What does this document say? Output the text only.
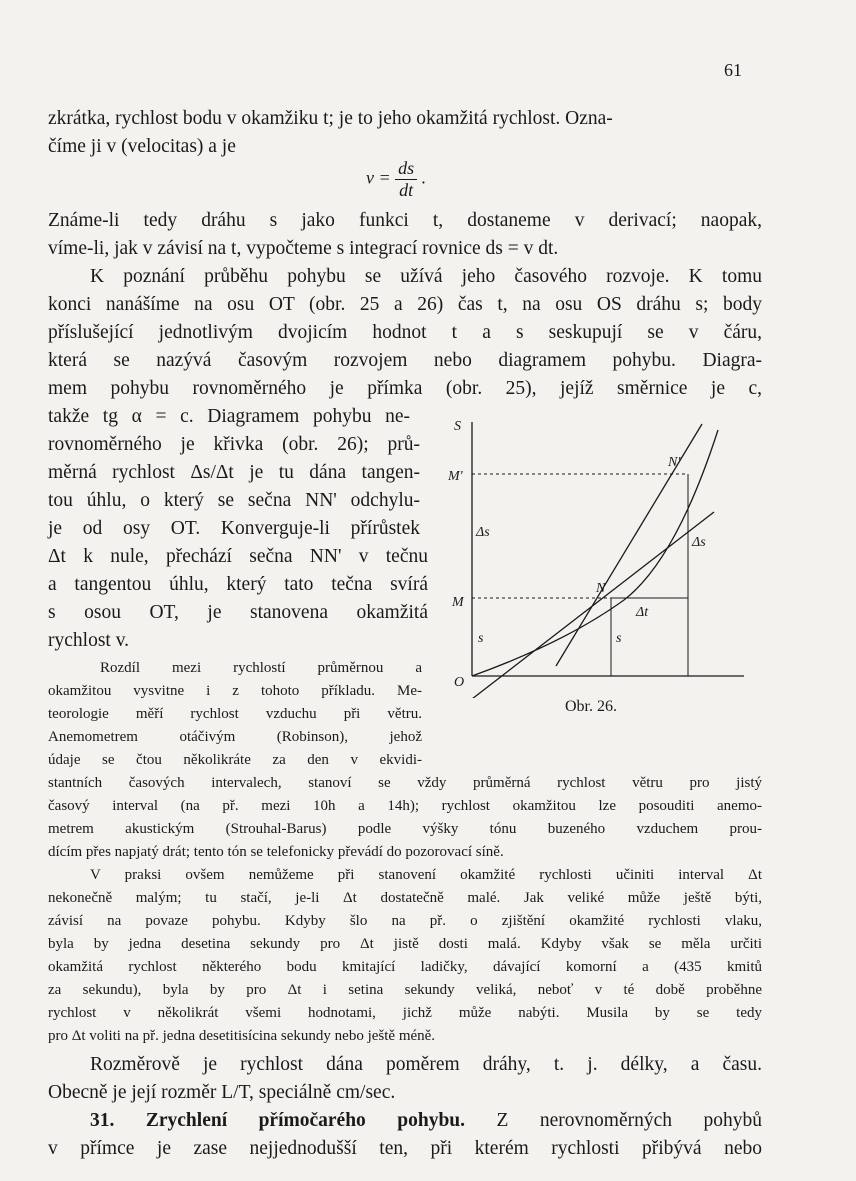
61
zkrátka, rychlost bodu v okamžiku t; je to jeho okamžitá rychlost. Ozna-
číme ji v (velocitas) a je
$v = \frac{ds}{dt}$ .
Známe-li tedy dráhu s jako funkci t, dostaneme v derivací; naopak,
víme-li, jak v závisí na t, vypočteme s integrací rovnice ds = v dt.
K poznání průběhu pohybu se užívá jeho časového rozvoje. K tomu
konci nanášíme na osu OT (obr. 25 a 26) čas t, na osu OS dráhu s; body
příslušející jednotlivým dvojicím hodnot t a s seskupují se v čáru,
která se nazývá časovým rozvojem nebo diagramem pohybu. Diagra-
mem pohybu rovnoměrného je přímka (obr. 25), jejíž směrnice je c,
takže tg α = c. Diagramem pohybu ne-
rovnoměrného je křivka (obr. 26); prů-
měrná rychlost Δs/Δt je tu dána tangen-
tou úhlu, o který se sečna NN' odchylu-
je od osy OT. Konverguje-li přírůstek
Δt k nule, přechází sečna NN' v tečnu
a tangentou úhlu, který tato tečna svírá
s osou OT, je stanovena okamžitá
rychlost v.
Rozdíl mezi rychlostí průměrnou a
okamžitou vysvitne i z tohoto příkladu. Me-
teorologie měří rychlost vzduchu při větru.
Anemometrem otáčivým (Robinson), jehož
údaje se čtou několikráte za den v ekvidi-
stantních časových intervalech, stanoví se vždy průměrná rychlost větru pro jistý
časový interval (na př. mezi 10h a 14h); rychlost okamžitou lze posouditi anemo-
metrem akustickým (Strouhal-Barus) podle výšky tónu buzeného vzduchem prou-
dícím přes napjatý drát; tento tón se telefonicky převádí do pozorovací síně.
V praksi ovšem nemůžeme při stanovení okamžité rychlosti učiniti interval Δt
nekonečně malým; tu stačí, je-li Δt dostatečně malé. Jak veliké může ještě býti,
závisí na povaze pohybu. Kdyby šlo na př. o zjištění okamžité rychlosti vlaku,
byla by jedna desetina sekundy pro Δt jistě dosti malá. Kdyby však se měla určiti
okamžitá rychlost některého bodu kmitající ladičky, dávající komorní a (435 kmitů
za sekundu), byla by pro Δt i setina sekundy veliká, neboť v té době proběhne
rychlost v několikrát všemi hodnotami, jichž může nabýti. Musila by se tedy
pro Δt voliti na př. jedna desetitisícina sekundy nebo ještě méně.
Rozměrově je rychlost dána poměrem dráhy, t. j. délky, a času.
Obecně je její rozměr L/T, speciálně cm/sec.
31. Zrychlení přímočarého pohybu. Z nerovnoměrných pohybů
v přímce je zase nejjednodušší ten, při kterém rychlosti přibývá nebo
S
O
M
M'
N
N'
Δs
Δs
Δt
s	s
Obr. 26.
